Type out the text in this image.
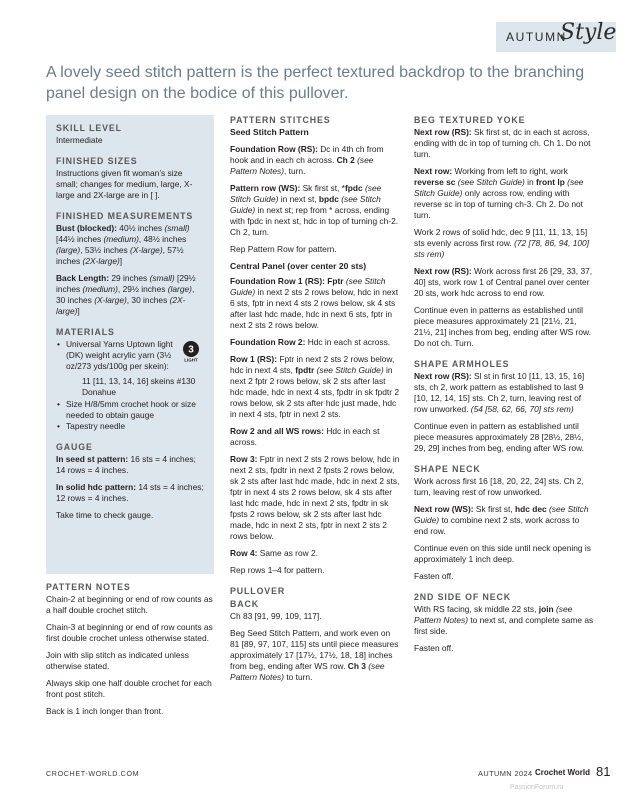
AUTUMN
Style
A lovely seed stitch pattern is the perfect textured backdrop to the branching panel design on the bodice of this pullover.
SKILL LEVEL

Intermediate

FINISHED SIZES

Instructions given fit woman’s size small; changes for medium, large, X-large and 2X-large are in [ ].

FINISHED MEASUREMENTS

Bust (blocked): 40½ inches (small) [44½ inches (medium), 48½ inches (large), 53½ inches (X-large), 57½ inches (2X-large)]

Back Length: 29 inches (small) [29½ inches (medium), 29½ inches (large), 30 inches (X-large), 30 inches (2X-large)]

MATERIALS
3
LIGHT
• Universal Yarns Uptown light (DK) weight acrylic yarn (3½ oz/273 yds/100g per skein):
11 [11, 13, 14, 16] skeins #130 Donahue
• Size H/8/5mm crochet hook or size needed to obtain gauge
• Tapestry needle
GAUGE

In seed st pattern: 16 sts = 4 inches; 14 rows = 4 inches.

In solid hdc pattern: 14 sts = 4 inches; 12 rows = 4 inches.

Take time to check gauge.

PATTERN NOTES

Chain-2 at beginning or end of row counts as a half double crochet stitch.

Chain-3 at beginning or end of row counts as first double crochet unless otherwise stated.

Join with slip stitch as indicated unless otherwise stated.

Always skip one half double crochet for each front post stitch.

Back is 1 inch longer than front.

PATTERN STITCHES
Seed Stitch Pattern

Foundation Row (RS): Dc in 4th ch from hook and in each ch across. Ch 2 (see Pattern Notes), turn.

Pattern row (WS): Sk first st, *fpdc (see Stitch Guide) in next st, bpdc (see Stitch Guide) in next st; rep from * across, ending with fpdc in next st, hdc in top of turning ch-2. Ch 2, turn.

Rep Pattern Row for pattern.

Central Panel (over center 20 sts)

Foundation Row 1 (RS): Fptr (see Stitch Guide) in next 2 sts 2 rows below, hdc in next 6 sts, fptr in next 4 sts 2 rows below, sk 4 sts after last hdc made, hdc in next 6 sts, fptr in next 2 sts 2 rows below.

Foundation Row 2: Hdc in each st across.

Row 1 (RS): Fptr in next 2 sts 2 rows below, hdc in next 4 sts, fpdtr (see Stitch Guide) in next 2 fptr 2 rows below, sk 2 sts after last hdc made, hdc in next 4 sts, fpdtr in sk fpdtr 2 rows below, sk 2 sts after hdc just made, hdc in next 4 sts, fptr in next 2 sts.

Row 2 and all WS rows: Hdc in each st across.

Row 3: Fptr in next 2 sts 2 rows below, hdc in next 2 sts, fpdtr in next 2 fpsts 2 rows below, sk 2 sts after last hdc made, hdc in next 2 sts, fptr in next 4 sts 2 rows below, sk 4 sts after last hdc made, hdc in next 2 sts, fpdtr in sk fpsts 2 rows below, sk 2 sts after last hdc made, hdc in next 2 sts, fptr in next 2 sts 2 rows below.

Row 4: Same as row 2.

Rep rows 1–4 for pattern.

PULLOVER
BACK

Ch 83 [91, 99, 109, 117].

Beg Seed Stitch Pattern, and work even on 81 [89, 97, 107, 115] sts until piece measures approximately 17 [17½, 17½, 18, 18] inches from beg, ending after WS row. Ch 3 (see Pattern Notes) to turn.

BEG TEXTURED YOKE

Next row (RS): Sk first st, dc in each st across, ending with dc in top of turning ch. Ch 1. Do not turn.

Next row: Working from left to right, work reverse sc (see Stitch Guide) in front lp (see Stitch Guide) only across row, ending with reverse sc in top of turning ch-3. Ch 2. Do not turn.

Work 2 rows of solid hdc, dec 9 [11, 11, 13, 15] sts evenly across first row. (72 [78, 86, 94, 100] sts rem)

Next row (RS): Work across first 26 [29, 33, 37, 40] sts, work row 1 of Central panel over center 20 sts, work hdc across to end row.

Continue even in patterns as established until piece measures approximately 21 [21½, 21, 21½, 21] inches from beg, ending after WS row. Do not ch. Turn.

SHAPE ARMHOLES

Next row (RS): Sl st in first 10 [11, 13, 15, 16] sts, ch 2, work pattern as established to last 9 [10, 12, 14, 15] sts. Ch 2, turn, leaving rest of row unworked. (54 [58, 62, 66, 70] sts rem)

Continue even in pattern as established until piece measures approximately 28 [28½, 28½, 29, 29] inches from beg, ending after WS row.

SHAPE NECK

Work across first 16 [18, 20, 22, 24] sts. Ch 2, turn, leaving rest of row unworked.

Next row (WS): Sk first st, hdc dec (see Stitch Guide) to combine next 2 sts, work across to end row.

Continue even on this side until neck opening is approximately 1 inch deep.

Fasten off.

2ND SIDE OF NECK

With RS facing, sk middle 22 sts, join (see Pattern Notes) to next st, and complete same as first side.

Fasten off.

CROCHET-WORLD.COM	AUTUMN 2024 Crochet World 81
PassionForum.ru
